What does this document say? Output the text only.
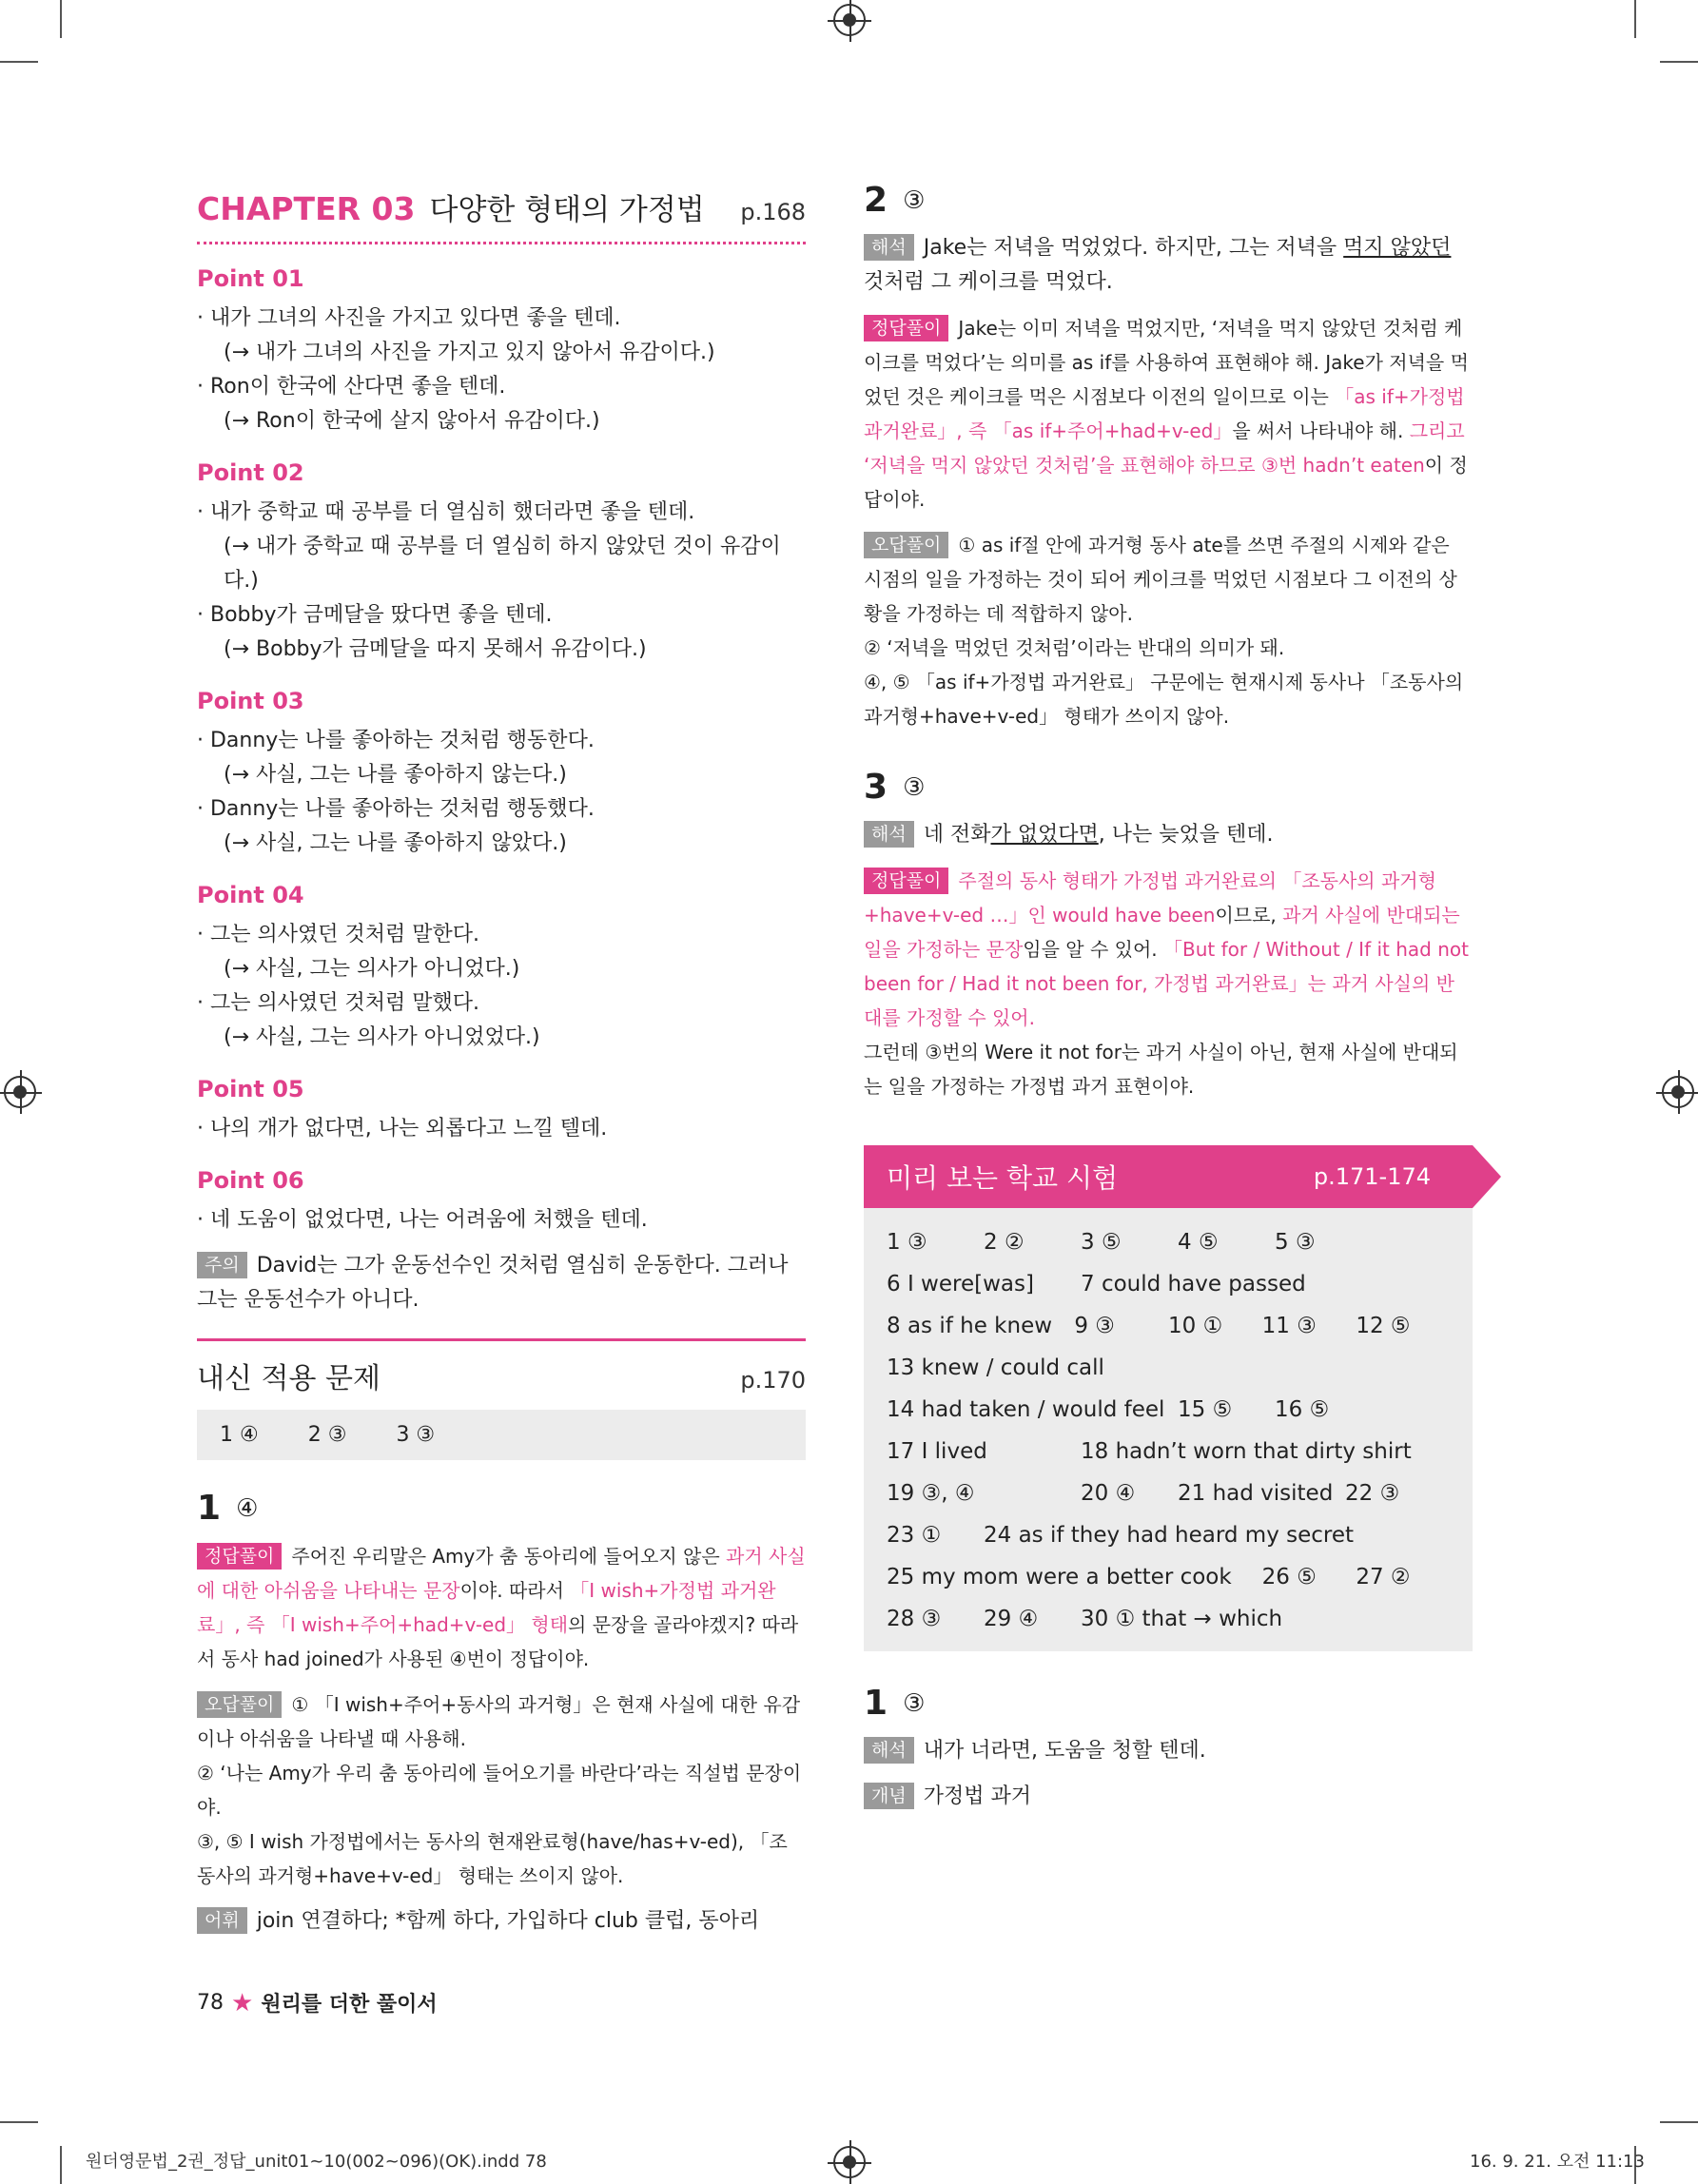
CHAPTER 03 다양한 형태의 가정법 p.168
Point 01
· 내가 그녀의 사진을 가지고 있다면 좋을 텐데.
(→ 내가 그녀의 사진을 가지고 있지 않아서 유감이다.)
· Ron이 한국에 산다면 좋을 텐데.
(→ Ron이 한국에 살지 않아서 유감이다.)
Point 02
· 내가 중학교 때 공부를 더 열심히 했더라면 좋을 텐데.
(→ 내가 중학교 때 공부를 더 열심히 하지 않았던 것이 유감이다.)
· Bobby가 금메달을 땄다면 좋을 텐데.
(→ Bobby가 금메달을 따지 못해서 유감이다.)
Point 03
· Danny는 나를 좋아하는 것처럼 행동한다.
(→ 사실, 그는 나를 좋아하지 않는다.)
· Danny는 나를 좋아하는 것처럼 행동했다.
(→ 사실, 그는 나를 좋아하지 않았다.)
Point 04
· 그는 의사였던 것처럼 말한다.
(→ 사실, 그는 의사가 아니었다.)
· 그는 의사였던 것처럼 말했다.
(→ 사실, 그는 의사가 아니었었다.)
Point 05
· 나의 개가 없다면, 나는 외롭다고 느낄 텔데.
Point 06
· 네 도움이 없었다면, 나는 어려움에 처했을 텐데.
주의 David는 그가 운동선수인 것처럼 열심히 운동한다. 그러나 그는 운동선수가 아니다.
내신 적용 문제	p.170
1 ④ 2 ③ 3 ③
1 ④
정답풀이 주어진 우리말은 Amy가 춤 동아리에 들어오지 않은 과거 사실에 대한 아쉬움을 나타내는 문장이야. 따라서 「I wish+가정법 과거완료」, 즉 「I wish+주어+had+v-ed」 형태의 문장을 골라야겠지? 따라서 동사 had joined가 사용된 ④번이 정답이야.
오답풀이 ① 「I wish+주어+동사의 과거형」은 현재 사실에 대한 유감이나 아쉬움을 나타낼 때 사용해.
② ‘나는 Amy가 우리 춤 동아리에 들어오기를 바란다’라는 직설법 문장이야.
③, ⑤ I wish 가정법에서는 동사의 현재완료형(have/has+v-ed), 「조동사의 과거형+have+v-ed」 형태는 쓰이지 않아.
어휘 join 연결하다; *함께 하다, 가입하다 club 클럽, 동아리
2 ③
해석 Jake는 저녁을 먹었었다. 하지만, 그는 저녁을 먹지 않았던 것처럼 그 케이크를 먹었다.
정답풀이 Jake는 이미 저녁을 먹었지만, ‘저녁을 먹지 않았던 것처럼 케이크를 먹었다’는 의미를 as if를 사용하여 표현해야 해. Jake가 저녁을 먹었던 것은 케이크를 먹은 시점보다 이전의 일이므로 이는 「as if+가정법 과거완료」, 즉 「as if+주어+had+v-ed」을 써서 나타내야 해. 그리고 ‘저녁을 먹지 않았던 것처럼’을 표현해야 하므로 ③번 hadn’t eaten이 정답이야.
오답풀이 ① as if절 안에 과거형 동사 ate를 쓰면 주절의 시제와 같은 시점의 일을 가정하는 것이 되어 케이크를 먹었던 시점보다 그 이전의 상황을 가정하는 데 적합하지 않아.
② ‘저녁을 먹었던 것처럼’이라는 반대의 의미가 돼.
④, ⑤ 「as if+가정법 과거완료」 구문에는 현재시제 동사나 「조동사의 과거형+have+v-ed」 형태가 쓰이지 않아.
3 ③
해석 네 전화가 없었다면, 나는 늦었을 텐데.
정답풀이 주절의 동사 형태가 가정법 과거완료의 「조동사의 과거형+have+v-ed …」인 would have been이므로, 과거 사실에 반대되는 일을 가정하는 문장임을 알 수 있어. 「But for / Without / If it had not been for / Had it not been for, 가정법 과거완료」는 과거 사실의 반대를 가정할 수 있어.
그런데 ③번의 Were it not for는 과거 사실이 아닌, 현재 사실에 반대되는 일을 가정하는 가정법 과거 표현이야.
미리 보는 학교 시험	p.171-174
1 ③	2 ②	3 ⑤	4 ⑤	5 ③
6 I were[was]	7 could have passed
8 as if he knew	9 ③	10 ①	11 ③	12 ⑤
13 knew / could call
14 had taken / would feel 15 ⑤	16 ⑤
17 I lived	18 hadn’t worn that dirty shirt
19 ③, ④	20 ④	21 had visited 22 ③
23 ①	24 as if they had heard my secret
25 my mom were a better cook	26 ⑤	27 ②
28 ③	29 ④	30 ① that → which
1 ③
해석 내가 너라면, 도움을 청할 텐데.
개념 가정법 과거
78 ★ 원리를 더한 풀이서
원더영문법_2권_정답_unit01~10(002~096)(OK).indd 78	16. 9. 21. 오전 11:13
